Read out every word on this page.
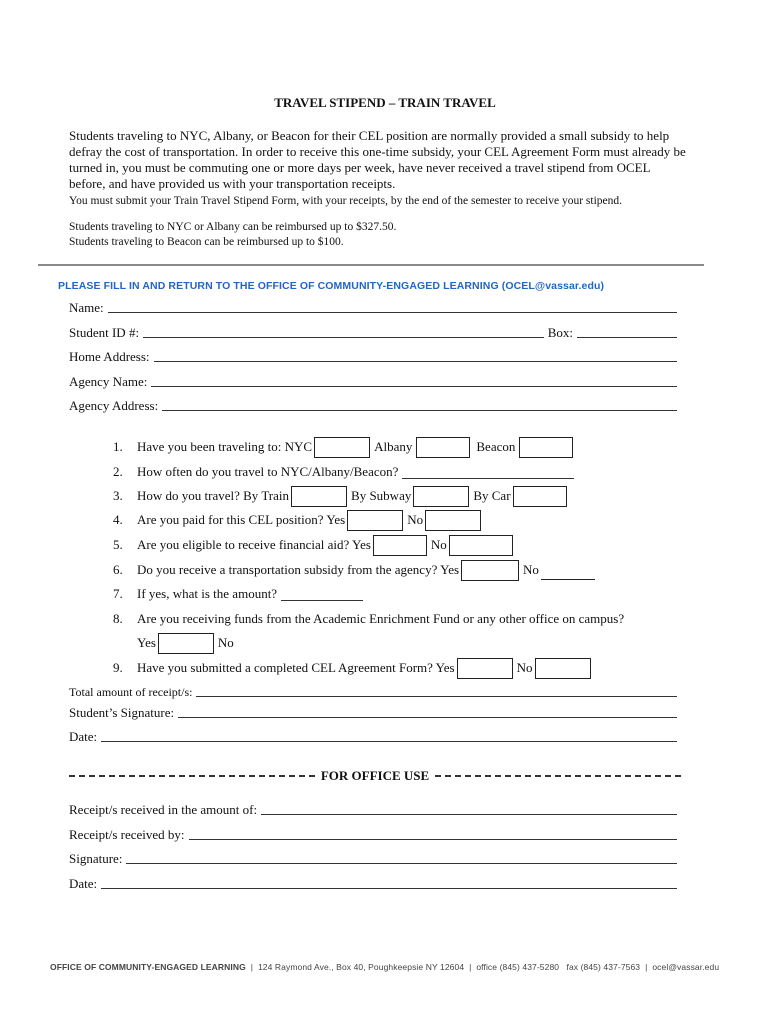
TRAVEL STIPEND – TRAIN TRAVEL
Students traveling to NYC, Albany, or Beacon for their CEL position are normally provided a small subsidy to help defray the cost of transportation. In order to receive this one-time subsidy, your CEL Agreement Form must already be turned in, you must be commuting one or more days per week, have never received a travel stipend from OCEL before, and have provided us with your transportation receipts.
You must submit your Train Travel Stipend Form, with your receipts, by the end of the semester to receive your stipend.
Students traveling to NYC or Albany can be reimbursed up to $327.50.
Students traveling to Beacon can be reimbursed up to $100.
PLEASE FILL IN AND RETURN TO THE OFFICE OF COMMUNITY-ENGAGED LEARNING (OCEL@vassar.edu)
Name:
Student ID #:	Box:
Home Address:
Agency Name:
Agency Address:
1.	Have you been traveling to: NYC	Albany	Beacon
2.	How often do you travel to NYC/Albany/Beacon?
3.	How do you travel? By Train	By Subway	By Car
4.	Are you paid for this CEL position? Yes	No
5.	Are you eligible to receive financial aid? Yes	No
6.	Do you receive a transportation subsidy from the agency? Yes	No
7.	If yes, what is the amount?
8.	Are you receiving funds from the Academic Enrichment Fund or any other office on campus?
Yes	No
9.	Have you submitted a completed CEL Agreement Form? Yes	No
Total amount of receipt/s:
Student’s Signature:
Date:
FOR OFFICE USE
Receipt/s received in the amount of:
Receipt/s received by:
Signature:
Date:
OFFICE OF COMMUNITY-ENGAGED LEARNING | 124 Raymond Ave., Box 40, Poughkeepsie NY 12604 | office (845) 437-5280 fax (845) 437-7563 | ocel@vassar.edu
